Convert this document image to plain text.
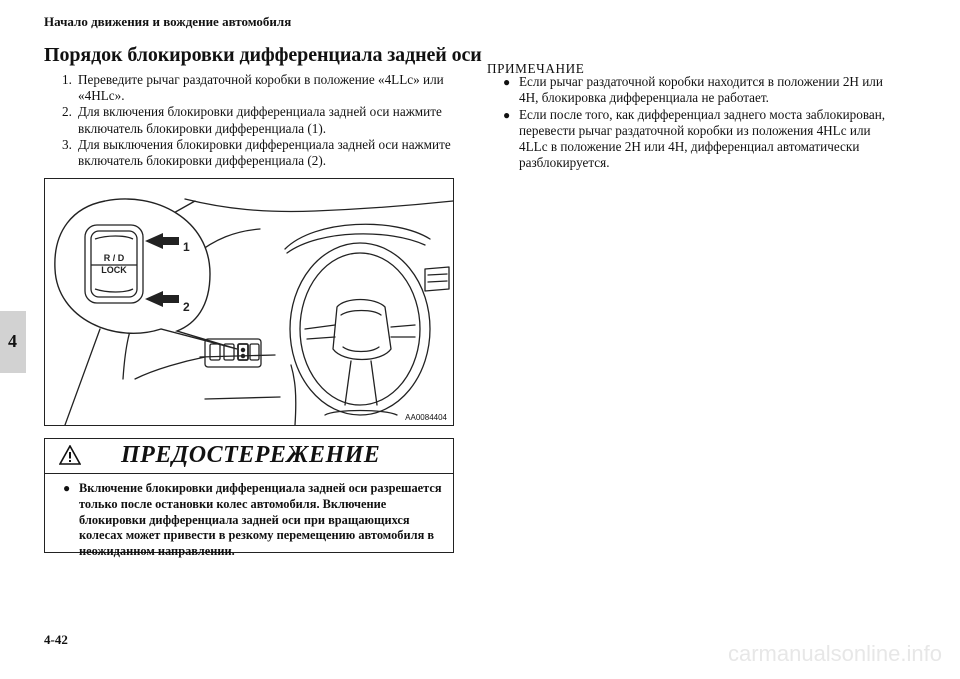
Начало движения и вождение автомобиля
4
Порядок блокировки дифференциала задней оси
1. Переведите рычаг раздаточной коробки в положение «4LLc» или «4HLc».
2. Для включения блокировки дифференциала задней оси нажмите включатель блокировки дифференциала (1).
3. Для выключения блокировки дифференциала задней оси нажмите включатель блокировки дифференциала (2).
R / D
LOCK
1
2
AA0084404
ПРЕДОСТЕРЕЖЕНИЕ
● Включение блокировки дифференциала задней оси разрешается только после остановки колес автомобиля. Включение блокировки дифференциала задней оси при вращающихся колесах может привести в резкому перемещению автомобиля в неожиданном направлении.
ПРИМЕЧАНИЕ
● Если рычаг раздаточной коробки находится в положении 2H или 4H, блокировка дифференциала не работает.
● Если после того, как дифференциал заднего моста заблокирован, перевести рычаг раздаточной коробки из положения 4HLc или 4LLc в положение 2H или 4H, дифференциал автоматически разблокируется.
4-42
carmanualsonline.info
